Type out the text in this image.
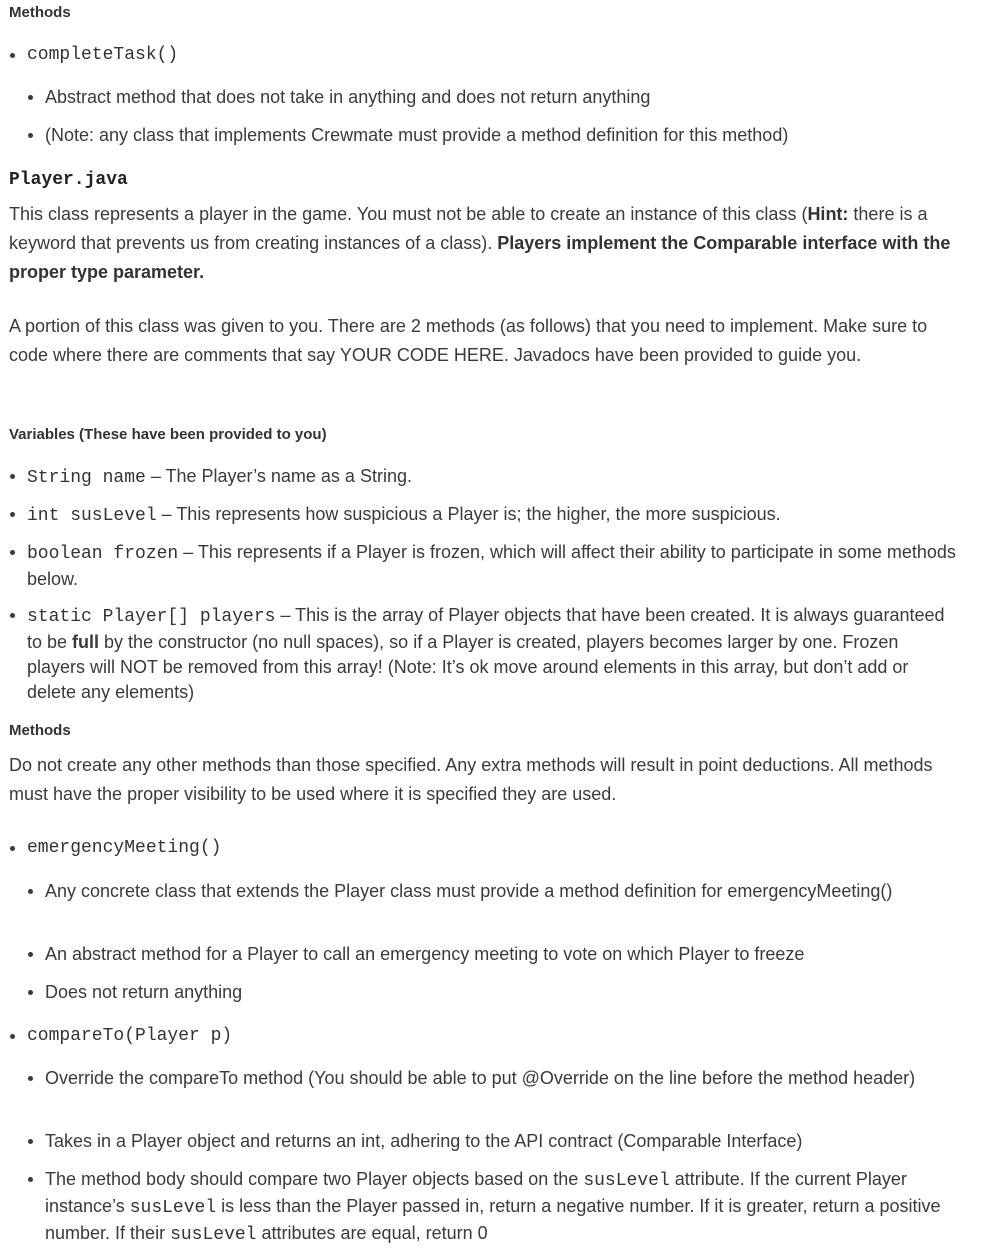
Methods
completeTask()
Abstract method that does not take in anything and does not return anything
(Note: any class that implements Crewmate must provide a method definition for this method)
Player.java
This class represents a player in the game. You must not be able to create an instance of this class (Hint: there is a keyword that prevents us from creating instances of a class). Players implement the Comparable interface with the proper type parameter.
A portion of this class was given to you. There are 2 methods (as follows) that you need to implement. Make sure to code where there are comments that say YOUR CODE HERE. Javadocs have been provided to guide you.
Variables (These have been provided to you)
String name – The Player’s name as a String.
int susLevel – This represents how suspicious a Player is; the higher, the more suspicious.
boolean frozen – This represents if a Player is frozen, which will affect their ability to participate in some methods below.
static Player[] players – This is the array of Player objects that have been created. It is always guaranteed to be full by the constructor (no null spaces), so if a Player is created, players becomes larger by one. Frozen players will NOT be removed from this array! (Note: It’s ok move around elements in this array, but don’t add or delete any elements)
Methods
Do not create any other methods than those specified. Any extra methods will result in point deductions. All methods must have the proper visibility to be used where it is specified they are used.
emergencyMeeting()
Any concrete class that extends the Player class must provide a method definition for emergencyMeeting()
An abstract method for a Player to call an emergency meeting to vote on which Player to freeze
Does not return anything
compareTo(Player p)
Override the compareTo method (You should be able to put @Override on the line before the method header)
Takes in a Player object and returns an int, adhering to the API contract (Comparable Interface)
The method body should compare two Player objects based on the susLevel attribute. If the current Player instance’s susLevel is less than the Player passed in, return a negative number. If it is greater, return a positive number. If their susLevel attributes are equal, return 0
